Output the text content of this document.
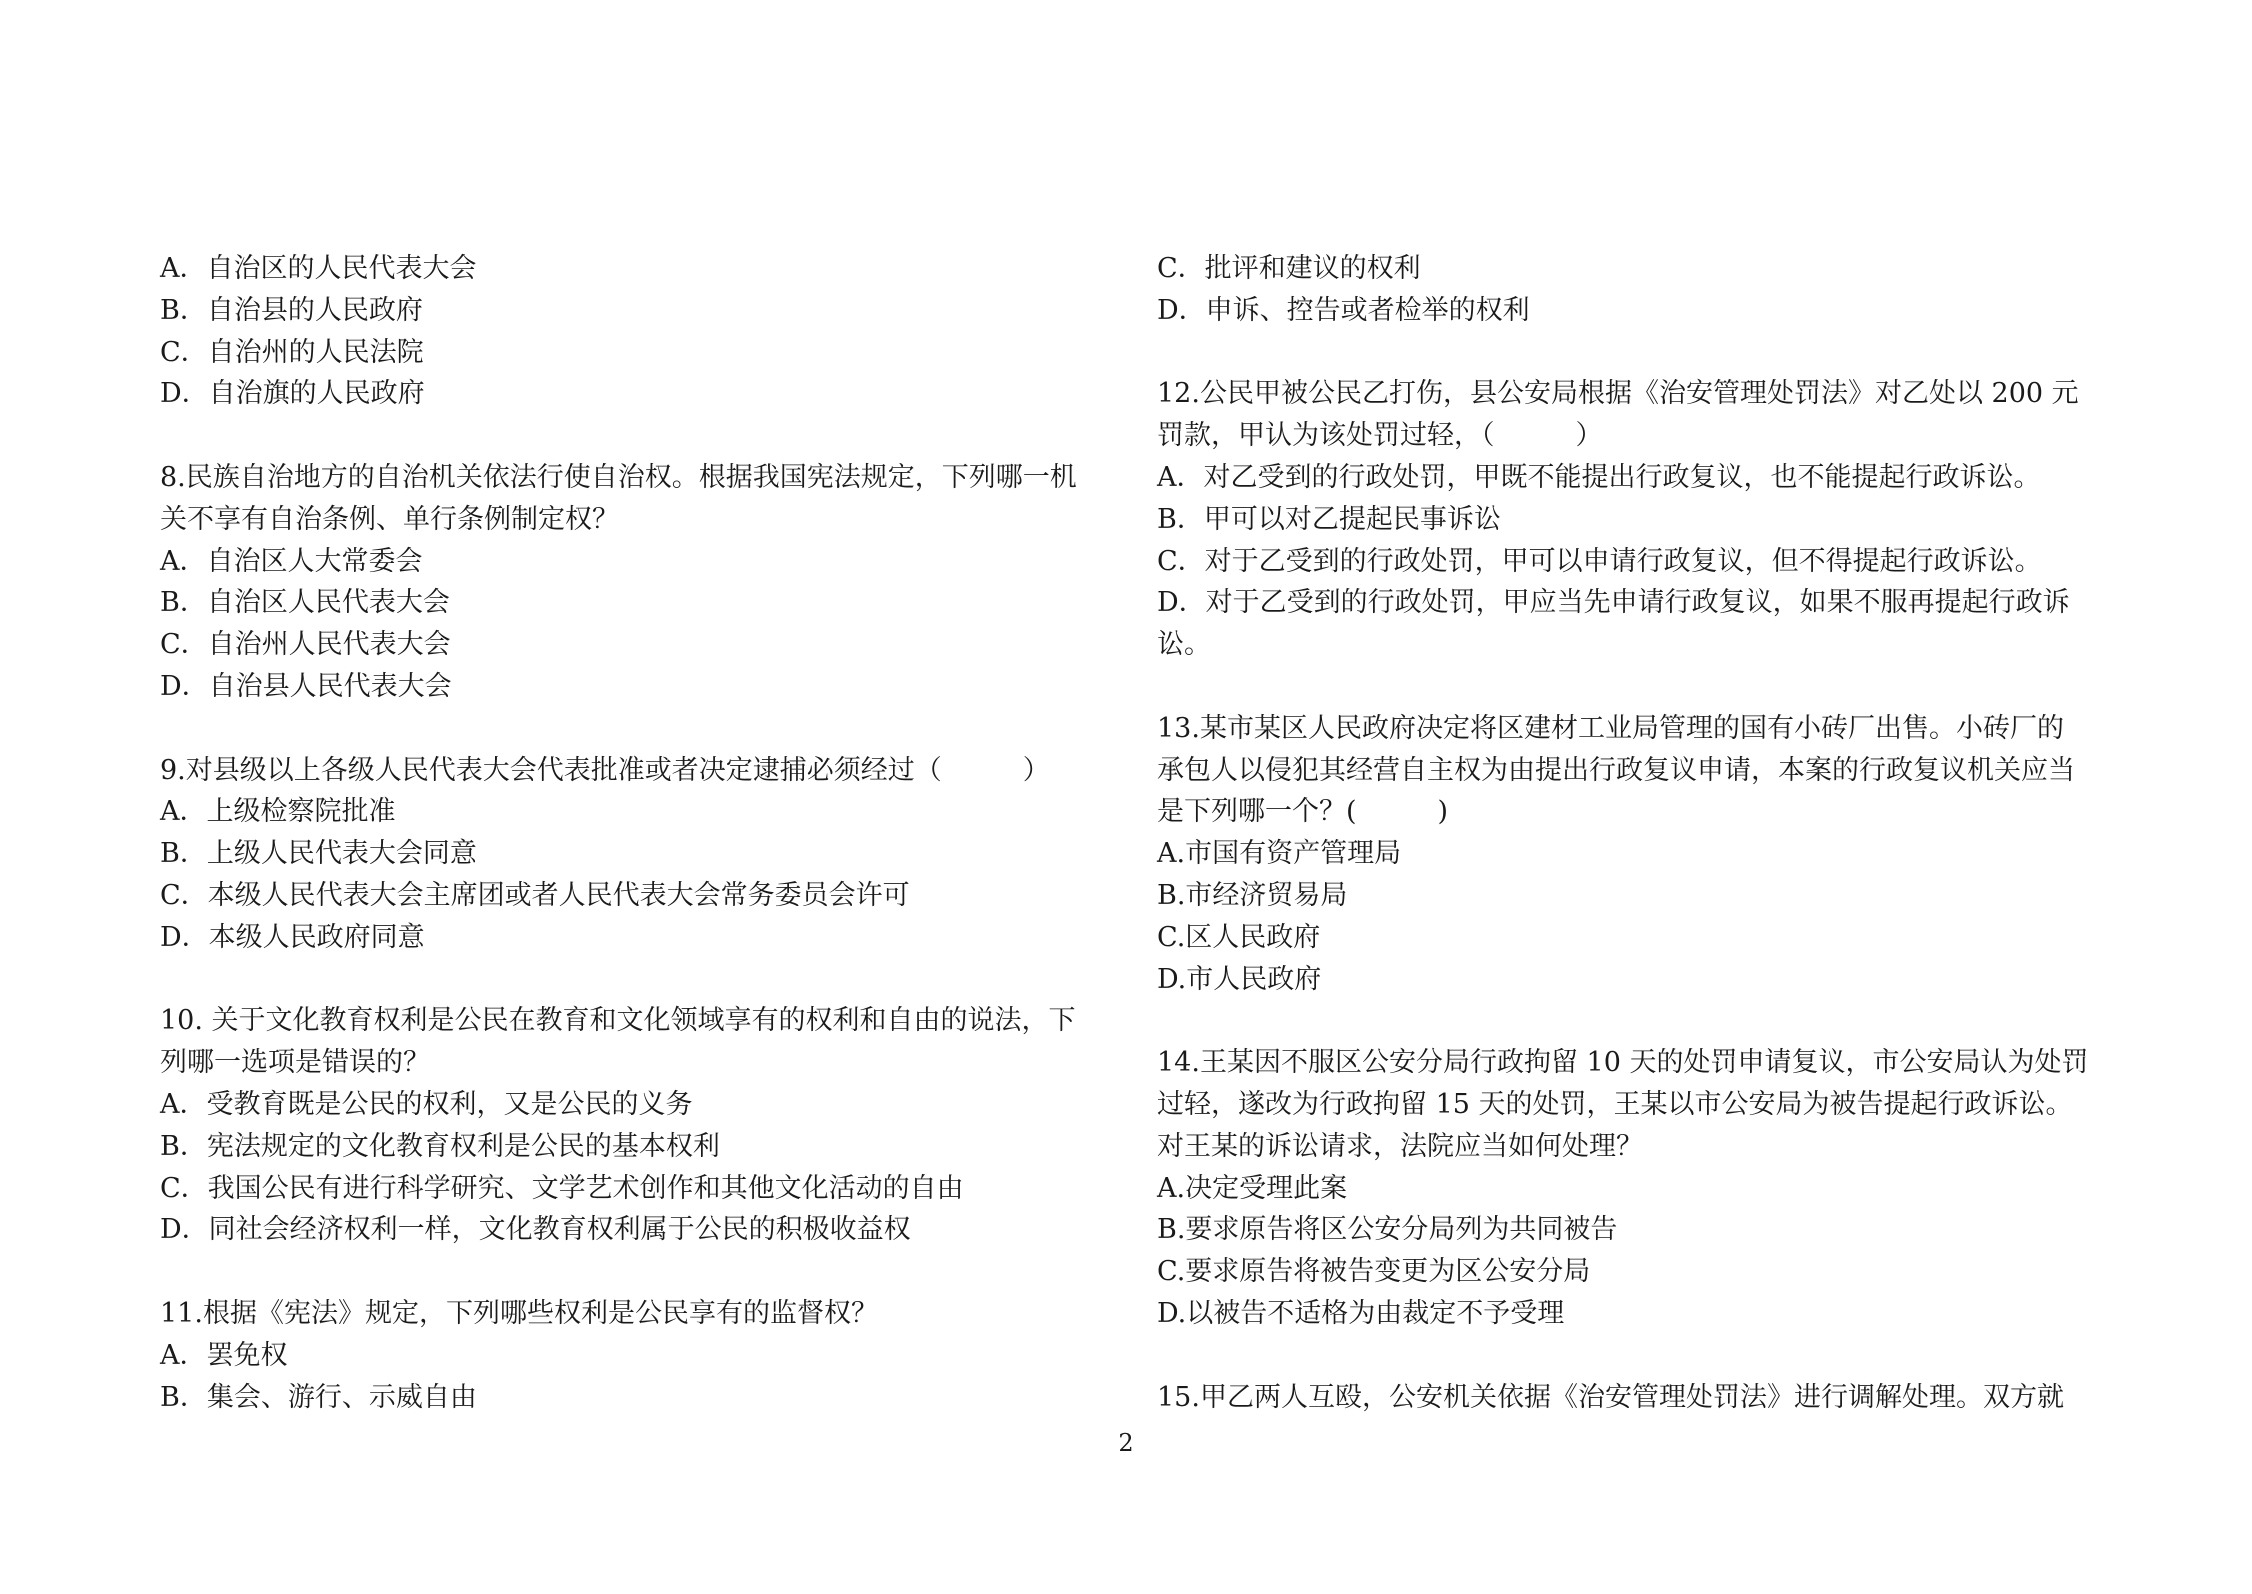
A．自治区的人民代表大会
B．自治县的人民政府
C．自治州的人民法院
D．自治旗的人民政府
8.民族自治地方的自治机关依法行使自治权。根据我国宪法规定，下列哪一机
关不享有自治条例、单行条例制定权？
A．自治区人大常委会
B．自治区人民代表大会
C．自治州人民代表大会
D．自治县人民代表大会
9.对县级以上各级人民代表大会代表批准或者决定逮捕必须经过（　　　）
A．上级检察院批准
B．上级人民代表大会同意
C．本级人民代表大会主席团或者人民代表大会常务委员会许可
D．本级人民政府同意
10. 关于文化教育权利是公民在教育和文化领域享有的权利和自由的说法，下
列哪一选项是错误的？
A．受教育既是公民的权利，又是公民的义务
B．宪法规定的文化教育权利是公民的基本权利
C．我国公民有进行科学研究、文学艺术创作和其他文化活动的自由
D．同社会经济权利一样，文化教育权利属于公民的积极收益权
11.根据《宪法》规定，下列哪些权利是公民享有的监督权？
A．罢免权
B．集会、游行、示威自由
C．批评和建议的权利
D．申诉、控告或者检举的权利
12.公民甲被公民乙打伤，县公安局根据《治安管理处罚法》对乙处以 200 元
罚款，甲认为该处罚过轻，（　　　）
A．对乙受到的行政处罚，甲既不能提出行政复议，也不能提起行政诉讼。
B．甲可以对乙提起民事诉讼
C．对于乙受到的行政处罚，甲可以申请行政复议，但不得提起行政诉讼。
D．对于乙受到的行政处罚，甲应当先申请行政复议，如果不服再提起行政诉
讼。
13.某市某区人民政府决定将区建材工业局管理的国有小砖厂出售。小砖厂的
承包人以侵犯其经营自主权为由提出行政复议申请，本案的行政复议机关应当
是下列哪一个？(　　　)
A.市国有资产管理局
B.市经济贸易局
C.区人民政府
D.市人民政府
14.王某因不服区公安分局行政拘留 10 天的处罚申请复议，市公安局认为处罚
过轻，遂改为行政拘留 15 天的处罚，王某以市公安局为被告提起行政诉讼。
对王某的诉讼请求，法院应当如何处理？
A.决定受理此案
B.要求原告将区公安分局列为共同被告
C.要求原告将被告变更为区公安分局
D.以被告不适格为由裁定不予受理
15.甲乙两人互殴，公安机关依据《治安管理处罚法》进行调解处理。双方就
2
